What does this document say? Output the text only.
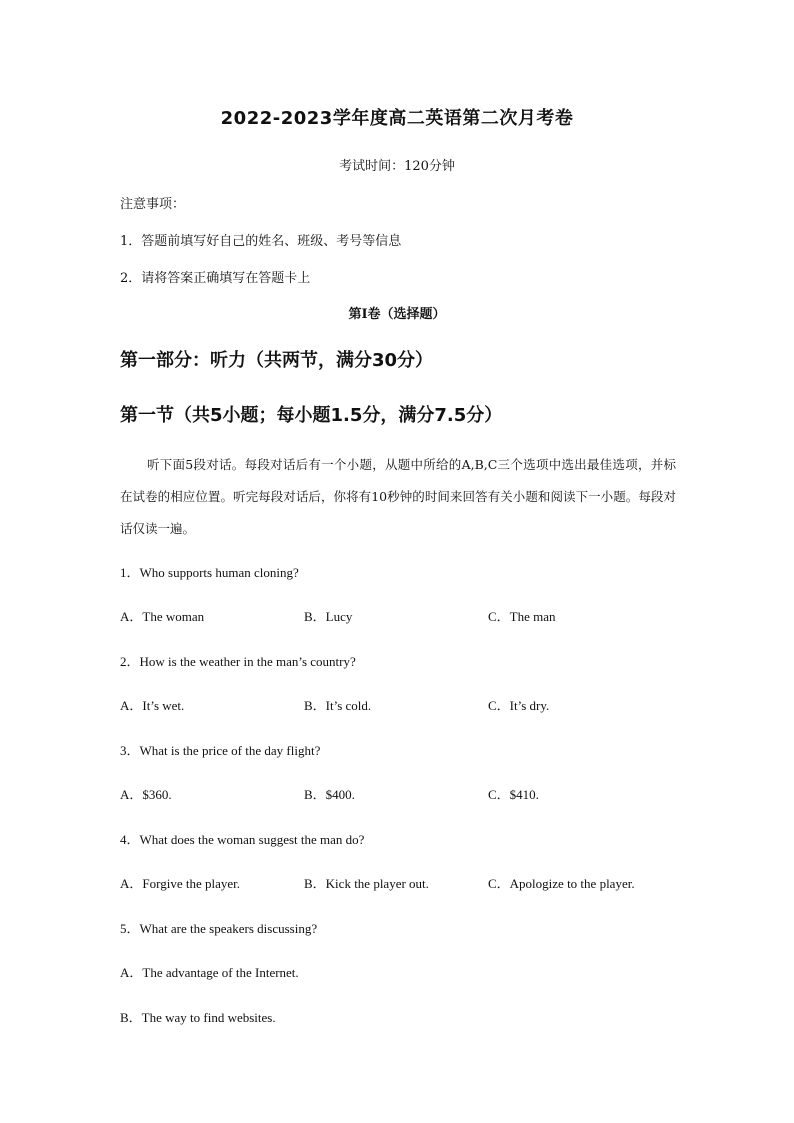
2022-2023学年度高二英语第二次月考卷
考试时间：120分钟
注意事项：
1．答题前填写好自己的姓名、班级、考号等信息
2．请将答案正确填写在答题卡上
第Ⅰ卷（选择题）
第一部分：听力（共两节，满分30分）
第一节（共5小题；每小题1.5分，满分7.5分）
听下面5段对话。每段对话后有一个小题，从题中所给的A,B,C三个选项中选出最佳选项，并标在试卷的相应位置。听完每段对话后，你将有10秒钟的时间来回答有关小题和阅读下一小题。每段对话仅读一遍。
1．Who supports human cloning?
A．The woman	B．Lucy	C．The man
2．How is the weather in the man’s country?
A．It’s wet.	B．It’s cold.	C．It’s dry.
3．What is the price of the day flight?
A．$360.	B．$400.	C．$410.
4．What does the woman suggest the man do?
A．Forgive the player.	B．Kick the player out.	C．Apologize to the player.
5．What are the speakers discussing?
A．The advantage of the Internet.
B．The way to find websites.
